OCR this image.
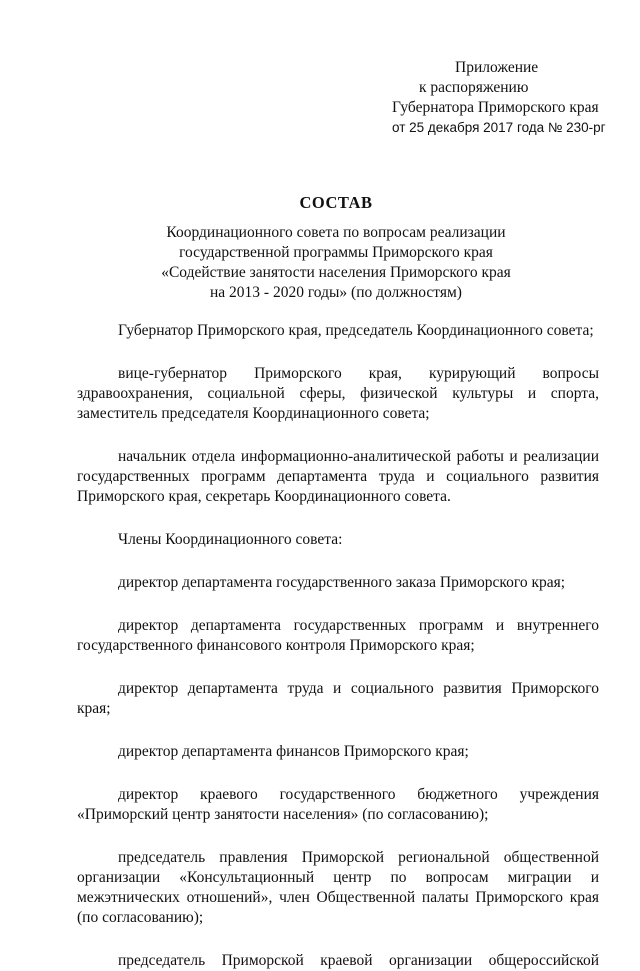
Приложение
к распоряжению
Губернатора Приморского края
от 25 декабря 2017 года № 230-рг
СОСТАВ
Координационного совета по вопросам реализации
государственной программы Приморского края
«Содействие занятости населения Приморского края
на 2013 - 2020 годы» (по должностям)

Губернатор Приморского края, председатель Координационного совета;

вице-губернатор Приморского края, курирующий вопросы здравоохранения, социальной сферы, физической культуры и спорта, заместитель председателя Координационного совета;

начальник отдела информационно-аналитической работы и реализации государственных программ департамента труда и социального развития Приморского края, секретарь Координационного совета.

Члены Координационного совета:

директор департамента государственного заказа Приморского края;

директор департамента государственных программ и внутреннего государственного финансового контроля Приморского края;

директор департамента труда и социального развития Приморского края;

директор департамента финансов Приморского края;

директор краевого государственного бюджетного учреждения «Приморский центр занятости населения» (по согласованию);

председатель правления Приморской региональной общественной организации «Консультационный центр по вопросам миграции и межэтнических отношений», член Общественной палаты Приморского края (по согласованию);

председатель Приморской краевой организации общероссийской
